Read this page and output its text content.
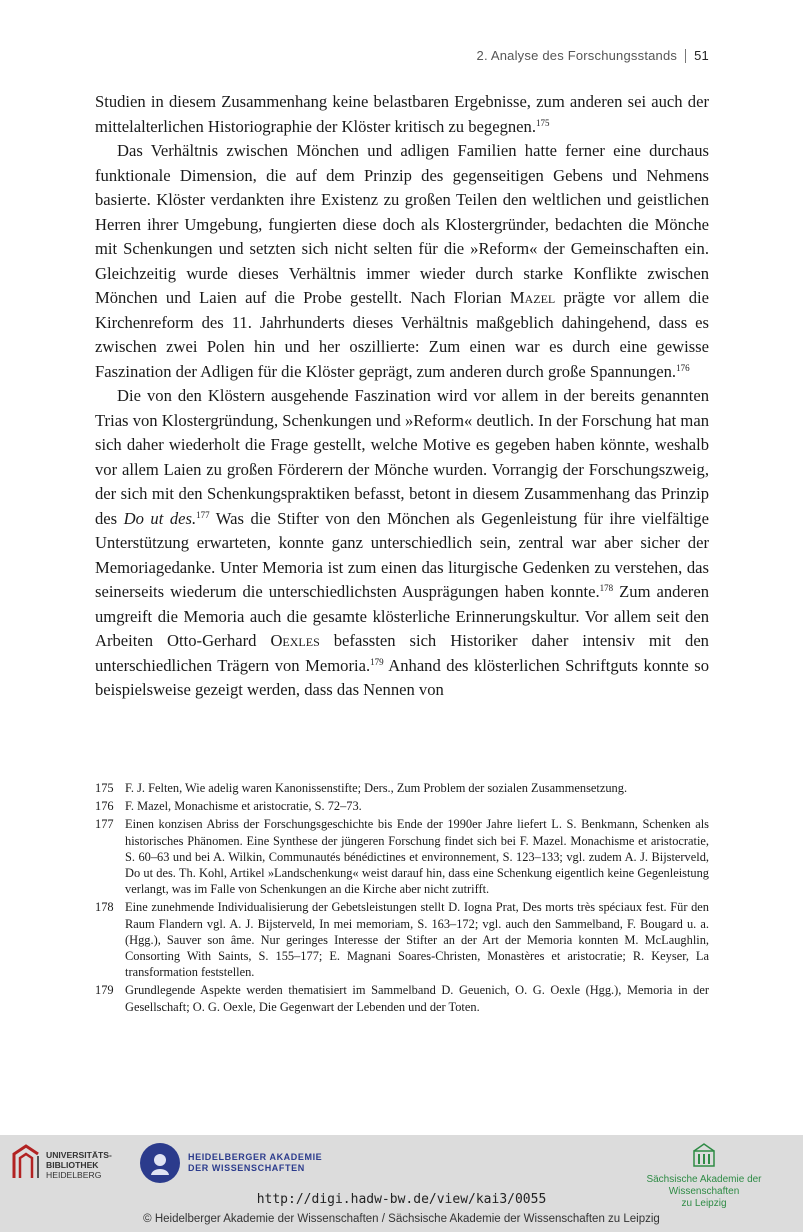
2. Analyse des Forschungsstands 51

Studien in diesem Zusammenhang keine belastbaren Ergebnisse, zum anderen sei auch der mittelalterlichen Historiographie der Klöster kritisch zu begegnen.$^{175}$

Das Verhältnis zwischen Mönchen und adligen Familien hatte ferner eine durchaus funktionale Dimension, die auf dem Prinzip des gegenseitigen Gebens und Nehmens basierte. Klöster verdankten ihre Existenz zu großen Teilen den weltlichen und geistlichen Herren ihrer Umgebung, fungierten diese doch als Klostergründer, bedachten die Mönche mit Schenkungen und setzten sich nicht selten für die »Reform« der Gemeinschaften ein. Gleichzeitig wurde dieses Verhältnis immer wieder durch starke Konflikte zwischen Mönchen und Laien auf die Probe gestellt. Nach Florian Mazel prägte vor allem die Kirchenreform des 11. Jahrhunderts dieses Verhältnis maßgeblich dahingehend, dass es zwischen zwei Polen hin und her oszillierte: Zum einen war es durch eine gewisse Faszination der Adligen für die Klöster geprägt, zum anderen durch große Spannungen.$^{176}$

Die von den Klöstern ausgehende Faszination wird vor allem in der bereits genannten Trias von Klostergründung, Schenkungen und »Reform« deutlich. In der Forschung hat man sich daher wiederholt die Frage gestellt, welche Motive es gegeben haben könnte, weshalb vor allem Laien zu großen Förderern der Mönche wurden. Vorrangig der Forschungszweig, der sich mit den Schenkungspraktiken befasst, betont in diesem Zusammenhang das Prinzip des Do ut des.$^{177}$ Was die Stifter von den Mönchen als Gegenleistung für ihre vielfältige Unterstützung erwarteten, konnte ganz unterschiedlich sein, zentral war aber sicher der Memoriagedanke. Unter Memoria ist zum einen das liturgische Gedenken zu verstehen, das seinerseits wiederum die unterschiedlichsten Ausprägungen haben konnte.$^{178}$ Zum anderen umgreift die Memoria auch die gesamte klösterliche Erinnerungskultur. Vor allem seit den Arbeiten Otto-Gerhard Oexles befassten sich Historiker daher intensiv mit den unterschiedlichen Trägern von Memoria.$^{179}$ Anhand des klösterlichen Schriftguts konnte so beispielsweise gezeigt werden, dass das Nennen von

175 F. J. Felten, Wie adelig waren Kanonissenstifte; Ders., Zum Problem der sozialen Zusammensetzung.
176 F. Mazel, Monachisme et aristocratie, S. 72–73.
177 Einen konzisen Abriss der Forschungsgeschichte bis Ende der 1990er Jahre liefert L. S. Benkmann, Schenken als historisches Phänomen. Eine Synthese der jüngeren Forschung findet sich bei F. Mazel. Monachisme et aristocratie, S. 60–63 und bei A. Wilkin, Communautés bénédictines et environnement, S. 123–133; vgl. zudem A. J. Bijsterveld, Do ut des. Th. Kohl, Artikel »Landschenkung« weist darauf hin, dass eine Schenkung eigentlich keine Gegenleistung verlangt, was im Falle von Schenkungen an die Kirche aber nicht zutrifft.
178 Eine zunehmende Individualisierung der Gebetsleistungen stellt D. Iogna Prat, Des morts très spéciaux fest. Für den Raum Flandern vgl. A. J. Bijsterveld, In mei memoriam, S. 163–172; vgl. auch den Sammelband, F. Bougard u. a. (Hgg.), Sauver son âme. Nur geringes Interesse der Stifter an der Art der Memoria konnten M. McLaughlin, Consorting With Saints, S. 155–177; E. Magnani Soares-Christen, Monastères et aristocratie; R. Keyser, La transformation feststellen.
179 Grundlegende Aspekte werden thematisiert im Sammelband D. Geuenich, O. G. Oexle (Hgg.), Memoria in der Gesellschaft; O. G. Oexle, Die Gegenwart der Lebenden und der Toten.
UNIVERSITÄTS-
BIBLIOTHEK
HEIDELBERG
HEIDELBERGER AKADEMIE
DER WISSENSCHAFTEN
Sächsische Akademie der Wissenschaften
zu Leipzig
http://digi.hadw-bw.de/view/kai3/0055
© Heidelberger Akademie der Wissenschaften / Sächsische Akademie der Wissenschaften zu Leipzig
